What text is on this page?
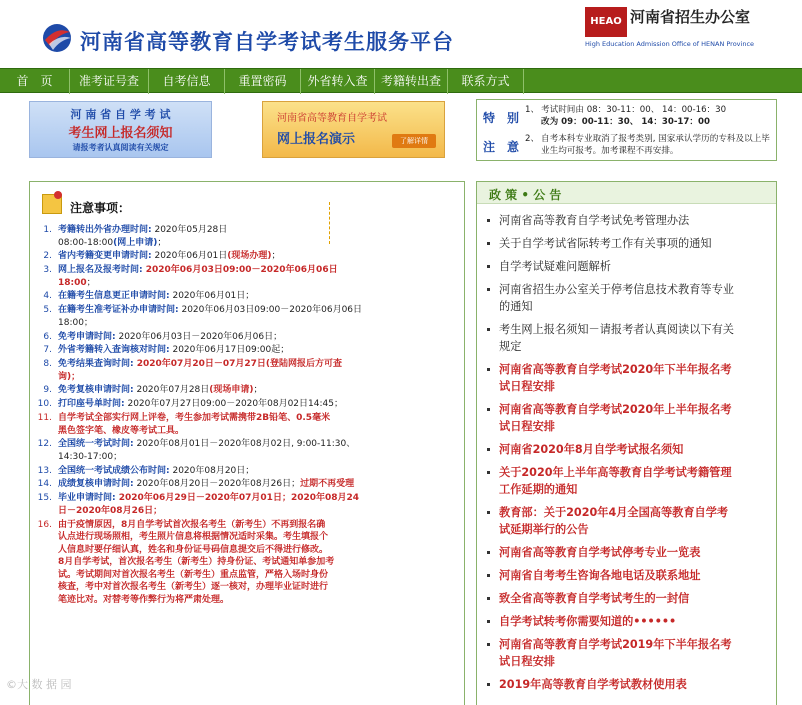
河南省高等教育自学考试考生服务平台
HEAO 河南省招生办公室
High Education Admission Office of HENAN Province
首　页	准考证号查	自考信息	重置密码	外省转入查	考籍转出查	联系方式
河 南 省 自 学 考 试
考生网上报名须知
请报考者认真阅读有关规定
河南省高等教育自学考试
网上报名演示	了解详情
特　别
注　意
1、 考试时间由 08：30-11：00、 14：00-16：30
改为 09：00-11：30、 14：30-17：00
2、 自考本科专业取消了报考类别, 国家承认学历的专科及以上毕业生均可报考。加考课程不再安排。
注意事项：
1. 考籍转出外省办理时间: 2020年05月28日
08:00-18:00(网上申请)；
2. 省内考籍变更申请时间: 2020年06月01日(现场办理)；
3. 网上报名及报考时间: 2020年06月03日09:00－2020年06月06日
18:00；
4. 在籍考生信息更正申请时间: 2020年06月01日；
5. 在籍考生准考证补办申请时间: 2020年06月03日09:00－2020年06月06日
18:00；
6. 免考申请时间: 2020年06月03日－2020年06月06日；
7. 外省考籍转入查询核对时间: 2020年06月17日09:00起；
8. 免考结果查询时间: 2020年07月20日－07月27日(登陆网报后方可查
询)；
9. 免考复核申请时间: 2020年07月28日(现场申请)；
10. 打印座号单时间: 2020年07月27日09:00－2020年08月02日14:45；
11. 自学考试全部实行网上评卷，考生参加考试需携带2B铅笔、0.5毫米
黑色签字笔、橡皮等考试工具。
12. 全国统一考试时间: 2020年08月01日－2020年08月02日, 9:00-11:30、
14:30-17:00；
13. 全国统一考试成绩公布时间: 2020年08月20日；
14. 成绩复核申请时间: 2020年08月20日－2020年08月26日；过期不再受理
15. 毕业申请时间: 2020年06月29日－2020年07月01日；2020年08月24
日－2020年08月26日；
16. 由于疫情原因，8月自学考试首次报名考生（新考生）不再到报名确
认点进行现场照相，考生照片信息将根据情况适时采集。考生填报个
人信息时要仔细认真，姓名和身份证号码信息提交后不得进行修改。
8月自学考试，首次报名考生（新考生）持身份证、考试通知单参加考
试。考试期间对首次报名考生（新考生）重点监管，严格入场时身份
核查，考中对首次报名考生（新考生）逐一核对，办理毕业证时进行
笔迹比对。对替考等作弊行为将严肃处理。
政 策 • 公 告
河南省高等教育自学考试免考管理办法
关于自学考试省际转考工作有关事项的通知
自学考试疑难问题解析
河南省招生办公室关于停考信息技术教育等专业
的通知
考生网上报名须知－请报考者认真阅读以下有关
规定
河南省高等教育自学考试2020年下半年报名考
试日程安排
河南省高等教育自学考试2020年上半年报名考
试日程安排
河南省2020年8月自学考试报名须知
关于2020年上半年高等教育自学考试考籍管理
工作延期的通知
教育部：关于2020年4月全国高等教育自学考
试延期举行的公告
河南省高等教育自学考试停考专业一览表
河南省自考考生咨询各地电话及联系地址
致全省高等教育自学考试考生的一封信
自学考试转考你需要知道的••••••
河南省高等教育自学考试2019年下半年报名考
试日程安排
2019年高等教育自学考试教材使用表
©大 数 据 园
